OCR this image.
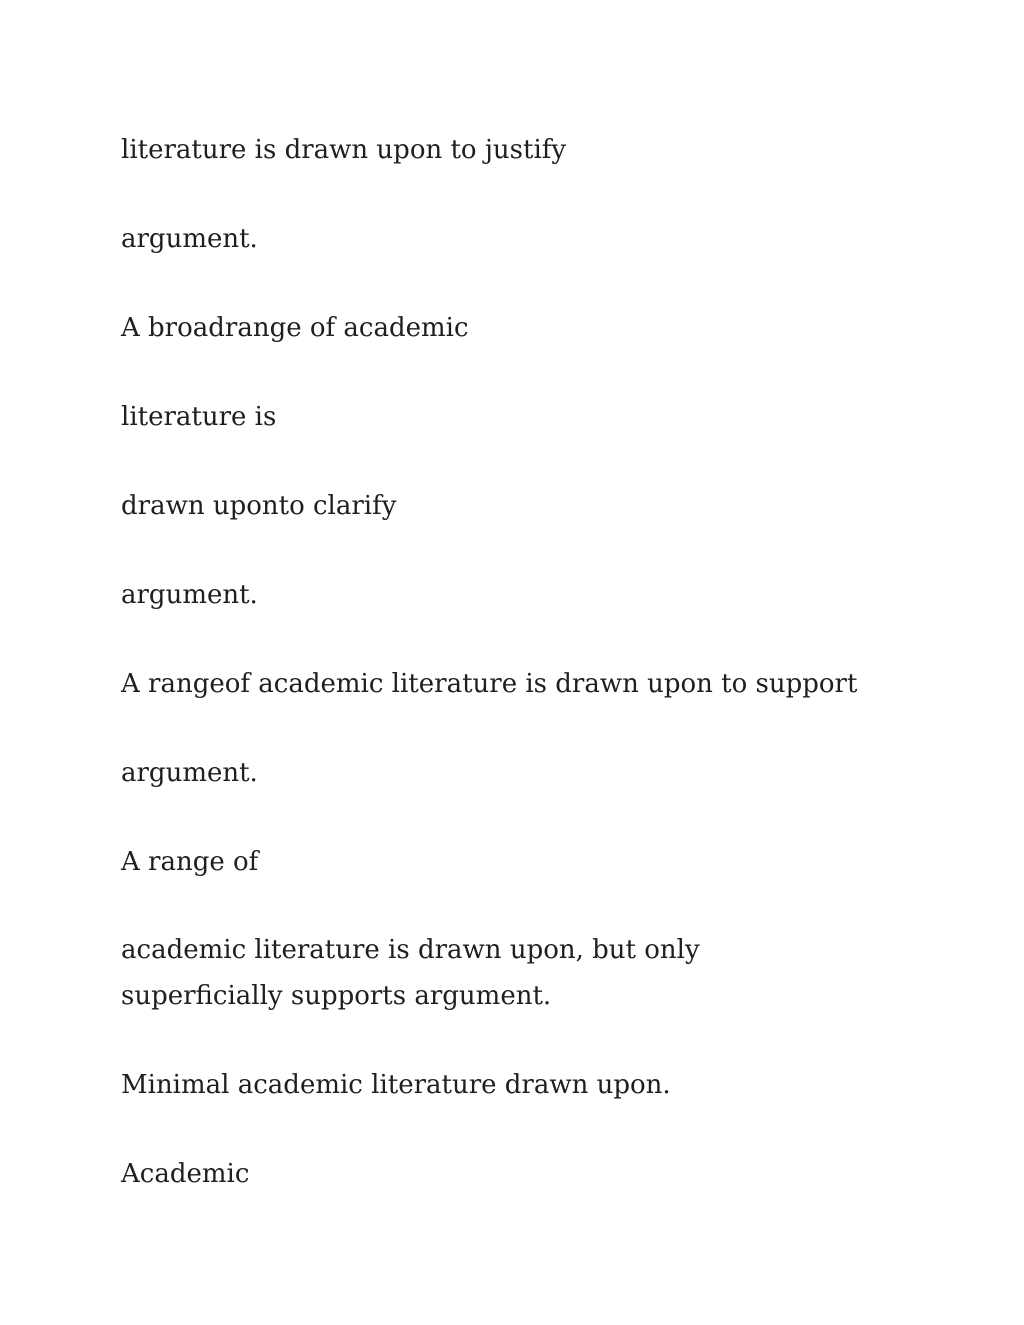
literature is drawn upon to justify

argument.

A broadrange of academic

literature is

drawn uponto clarify

argument.

A rangeof academic literature is drawn upon to support

argument.

A range of

academic literature is drawn upon, but only superficially supports argument.

Minimal academic literature drawn upon.

Academic
